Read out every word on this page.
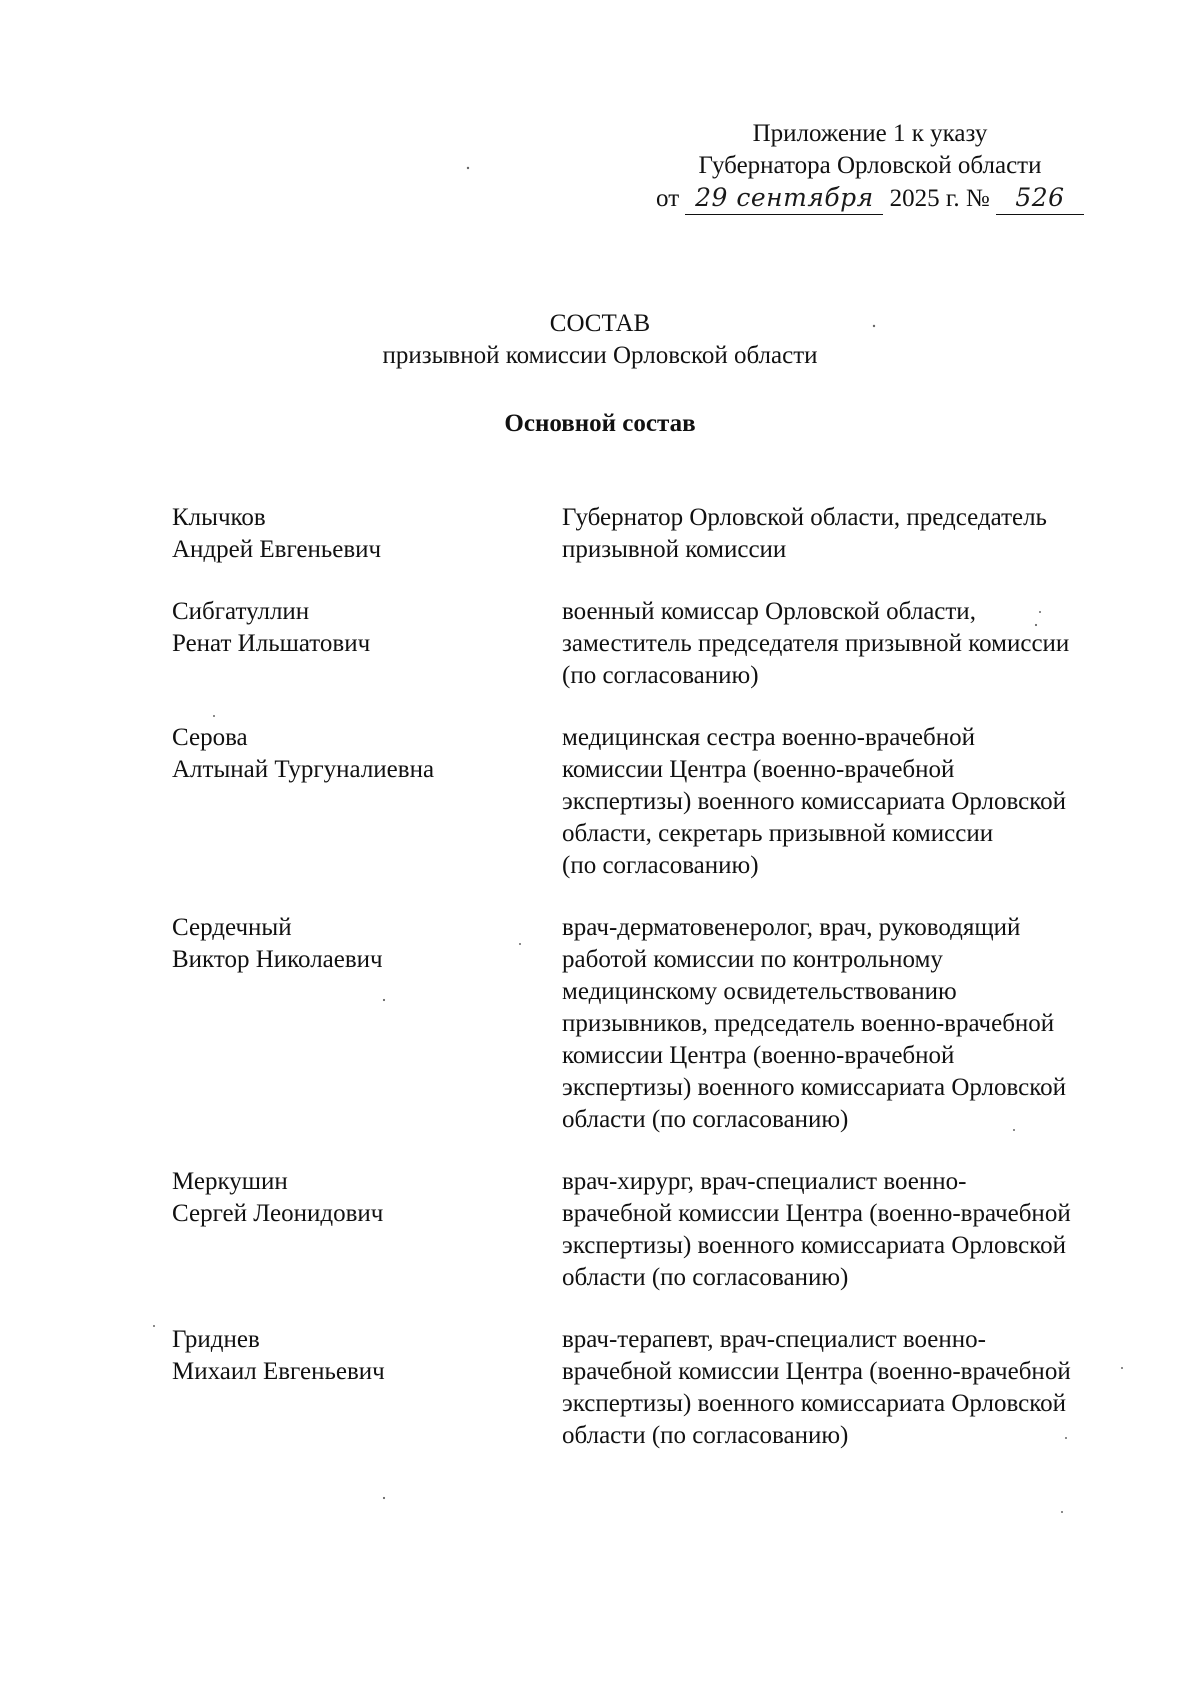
Приложение 1 к указу
Губернатора Орловской области
от 29 сентября 2025 г. № 526
СОСТАВ
призывной комиссии Орловской области
Основной состав
Клычков
Андрей Евгеньевич
Губернатор Орловской области, председатель
призывной комиссии
Сибгатуллин
Ренат Ильшатович
военный комиссар Орловской области,
заместитель председателя призывной комиссии
(по согласованию)
Серова
Алтынай Тургуналиевна
медицинская сестра военно-врачебной
комиссии Центра (военно-врачебной
экспертизы) военного комиссариата Орловской
области, секретарь призывной комиссии
(по согласованию)
Сердечный
Виктор Николаевич
врач-дерматовенеролог, врач, руководящий
работой комиссии по контрольному
медицинскому освидетельствованию
призывников, председатель военно-врачебной
комиссии Центра (военно-врачебной
экспертизы) военного комиссариата Орловской
области (по согласованию)
Меркушин
Сергей Леонидович
врач-хирург, врач-специалист военно-
врачебной комиссии Центра (военно-врачебной
экспертизы) военного комиссариата Орловской
области (по согласованию)
Гриднев
Михаил Евгеньевич
врач-терапевт, врач-специалист военно-
врачебной комиссии Центра (военно-врачебной
экспертизы) военного комиссариата Орловской
области (по согласованию)
